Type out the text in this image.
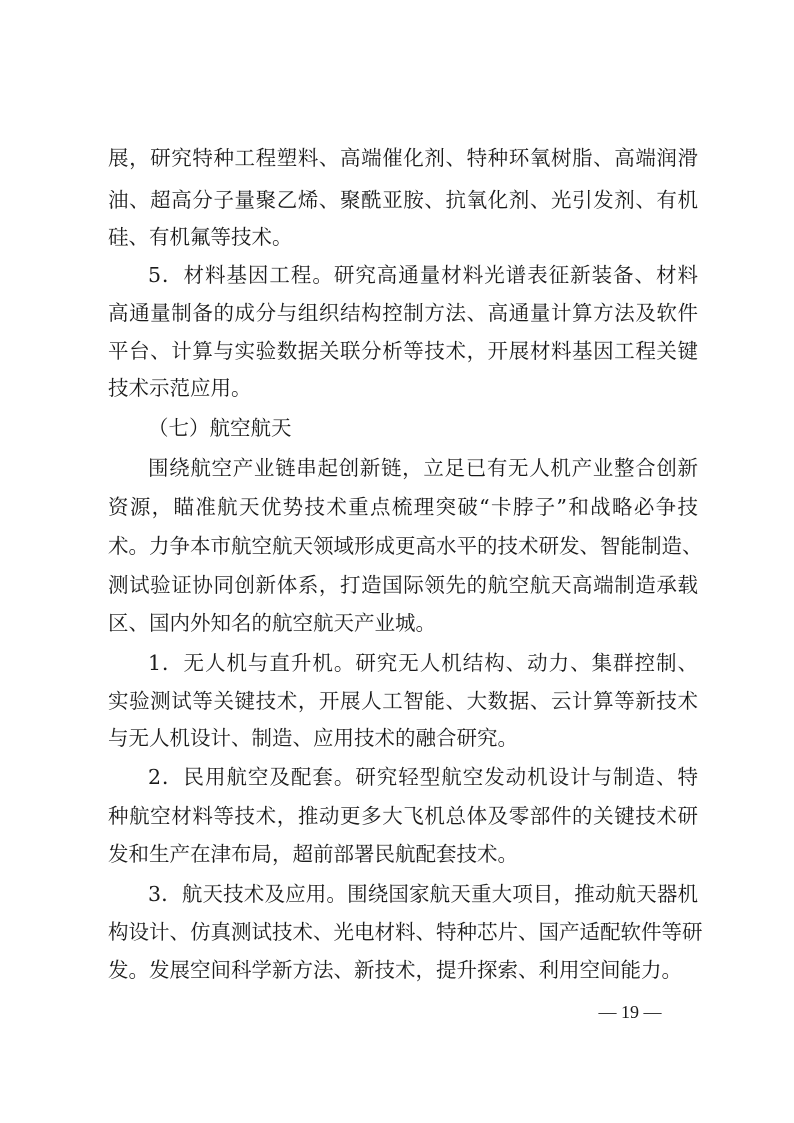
展，研究特种工程塑料、高端催化剂、特种环氧树脂、高端润滑
油、超高分子量聚乙烯、聚酰亚胺、抗氧化剂、光引发剂、有机
硅、有机氟等技术。
5．材料基因工程。研究高通量材料光谱表征新装备、材料
高通量制备的成分与组织结构控制方法、高通量计算方法及软件
平台、计算与实验数据关联分析等技术，开展材料基因工程关键
技术示范应用。
（七）航空航天
围绕航空产业链串起创新链，立足已有无人机产业整合创新
资源，瞄准航天优势技术重点梳理突破“卡脖子”和战略必争技
术。力争本市航空航天领域形成更高水平的技术研发、智能制造、
测试验证协同创新体系，打造国际领先的航空航天高端制造承载
区、国内外知名的航空航天产业城。
1．无人机与直升机。研究无人机结构、动力、集群控制、
实验测试等关键技术，开展人工智能、大数据、云计算等新技术
与无人机设计、制造、应用技术的融合研究。
2．民用航空及配套。研究轻型航空发动机设计与制造、特
种航空材料等技术，推动更多大飞机总体及零部件的关键技术研
发和生产在津布局，超前部署民航配套技术。
3．航天技术及应用。围绕国家航天重大项目，推动航天器机
构设计、仿真测试技术、光电材料、特种芯片、国产适配软件等研
发。发展空间科学新方法、新技术，提升探索、利用空间能力。
— 19 —
